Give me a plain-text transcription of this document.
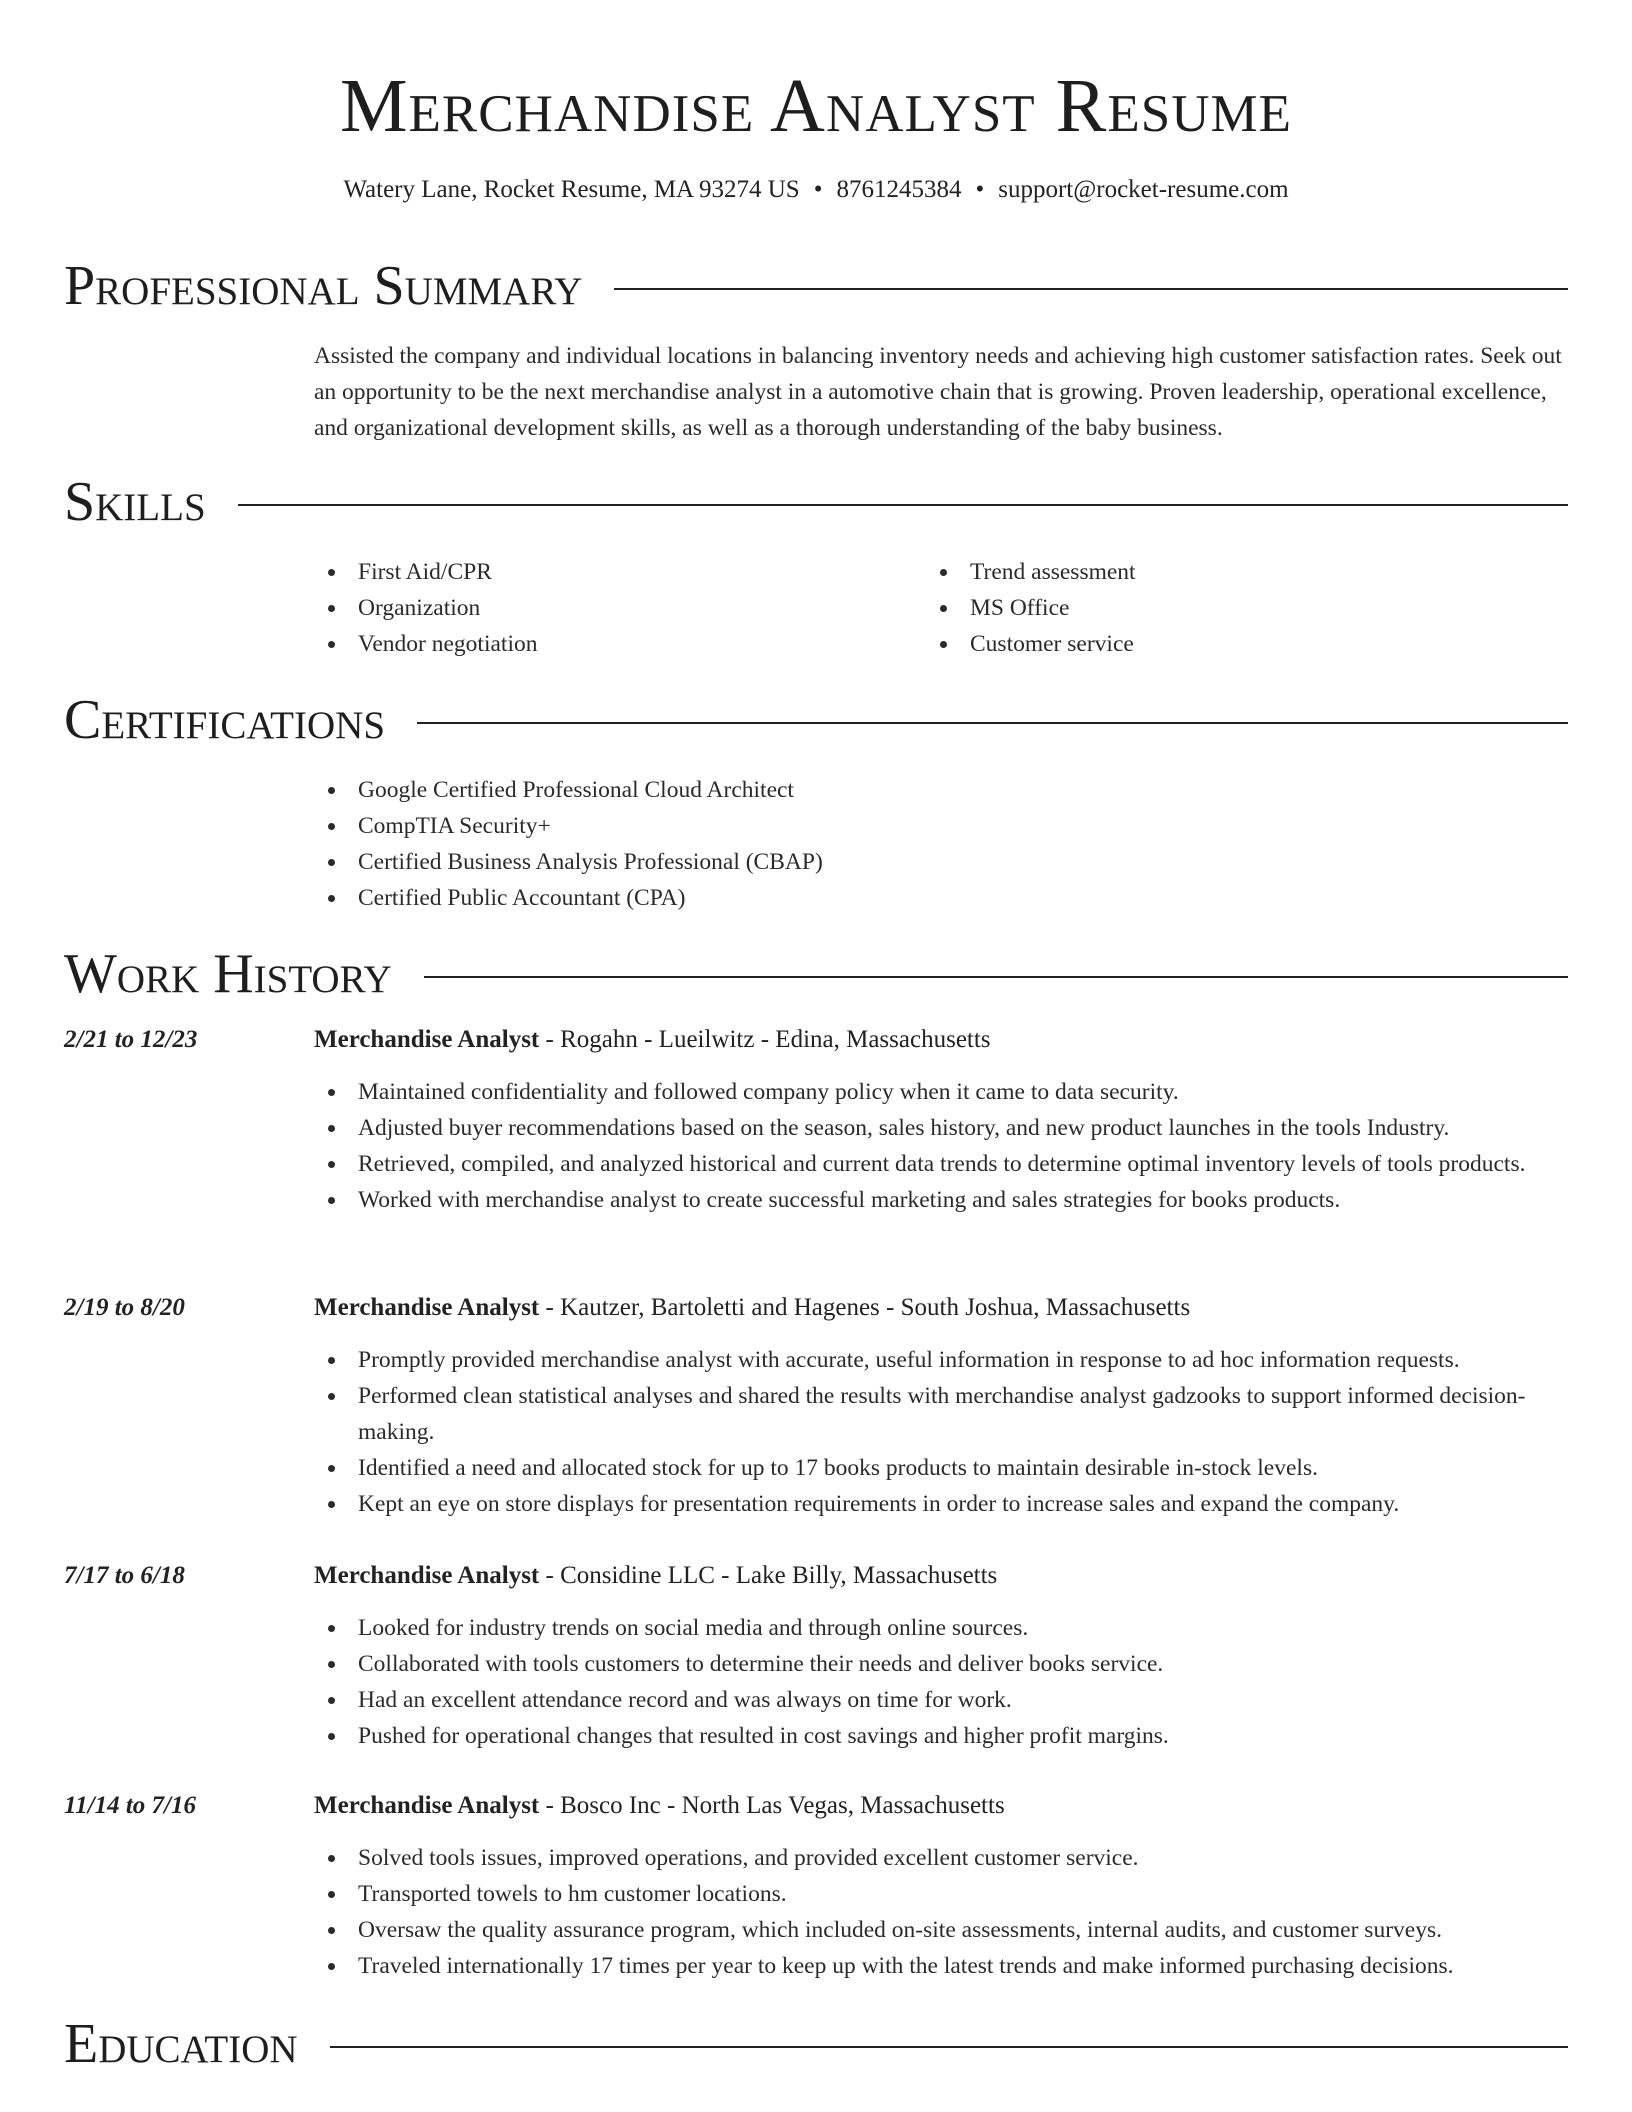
Merchandise Analyst Resume
Watery Lane, Rocket Resume, MA 93274 US • 8761245384 • support@rocket-resume.com
Professional Summary
Assisted the company and individual locations in balancing inventory needs and achieving high customer satisfaction rates. Seek out an opportunity to be the next merchandise analyst in a automotive chain that is growing. Proven leadership, operational excellence, and organizational development skills, as well as a thorough understanding of the baby business.
Skills
First Aid/CPR
Organization
Vendor negotiation
Trend assessment
MS Office
Customer service
Certifications
Google Certified Professional Cloud Architect
CompTIA Security+
Certified Business Analysis Professional (CBAP)
Certified Public Accountant (CPA)
Work History
2/21 to 12/23	Merchandise Analyst - Rogahn - Lueilwitz - Edina, Massachusetts
Maintained confidentiality and followed company policy when it came to data security.
Adjusted buyer recommendations based on the season, sales history, and new product launches in the tools Industry.
Retrieved, compiled, and analyzed historical and current data trends to determine optimal inventory levels of tools products.
Worked with merchandise analyst to create successful marketing and sales strategies for books products.
2/19 to 8/20	Merchandise Analyst - Kautzer, Bartoletti and Hagenes - South Joshua, Massachusetts
Promptly provided merchandise analyst with accurate, useful information in response to ad hoc information requests.
Performed clean statistical analyses and shared the results with merchandise analyst gadzooks to support informed decision-making.
Identified a need and allocated stock for up to 17 books products to maintain desirable in-stock levels.
Kept an eye on store displays for presentation requirements in order to increase sales and expand the company.
7/17 to 6/18	Merchandise Analyst - Considine LLC - Lake Billy, Massachusetts
Looked for industry trends on social media and through online sources.
Collaborated with tools customers to determine their needs and deliver books service.
Had an excellent attendance record and was always on time for work.
Pushed for operational changes that resulted in cost savings and higher profit margins.
11/14 to 7/16	Merchandise Analyst - Bosco Inc - North Las Vegas, Massachusetts
Solved tools issues, improved operations, and provided excellent customer service.
Transported towels to hm customer locations.
Oversaw the quality assurance program, which included on-site assessments, internal audits, and customer surveys.
Traveled internationally 17 times per year to keep up with the latest trends and make informed purchasing decisions.
Education
